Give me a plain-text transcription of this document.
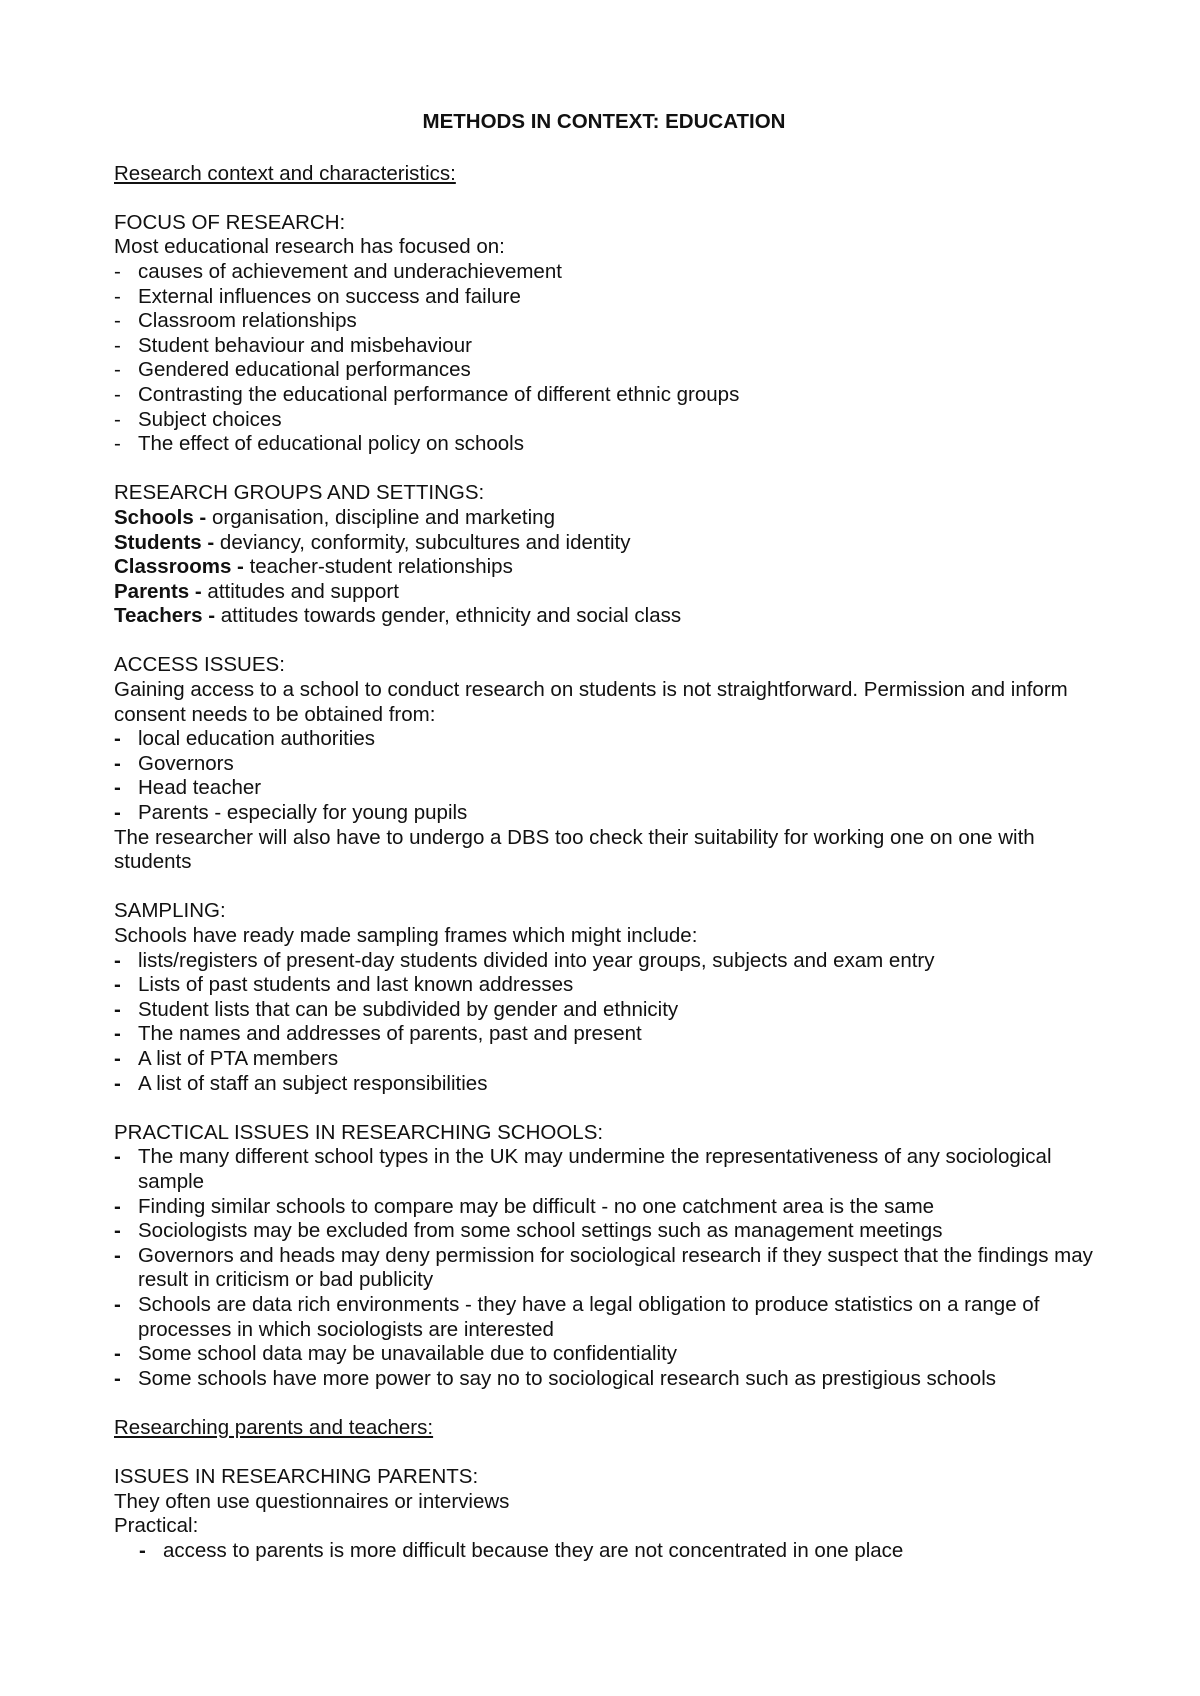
METHODS IN CONTEXT: EDUCATION

Research context and characteristics:

FOCUS OF RESEARCH:

Most educational research has focused on:

- causes of achievement and underachievement
- External influences on success and failure
- Classroom relationships
- Student behaviour and misbehaviour
- Gendered educational performances
- Contrasting the educational performance of different ethnic groups
- Subject choices
- The effect of educational policy on schools

RESEARCH GROUPS AND SETTINGS:

Schools - organisation, discipline and marketing

Students - deviancy, conformity, subcultures and identity

Classrooms - teacher-student relationships

Parents - attitudes and support

Teachers - attitudes towards gender, ethnicity and social class

ACCESS ISSUES:

Gaining access to a school to conduct research on students is not straightforward. Permission and inform consent needs to be obtained from:

- local education authorities
- Governors
- Head teacher
- Parents - especially for young pupils

The researcher will also have to undergo a DBS too check their suitability for working one on one with students

SAMPLING:

Schools have ready made sampling frames which might include:

- lists/registers of present-day students divided into year groups, subjects and exam entry
- Lists of past students and last known addresses
- Student lists that can be subdivided by gender and ethnicity
- The names and addresses of parents, past and present
- A list of PTA members
- A list of staff an subject responsibilities

PRACTICAL ISSUES IN RESEARCHING SCHOOLS:

- The many different school types in the UK may undermine the representativeness of any sociological sample
- Finding similar schools to compare may be difficult - no one catchment area is the same
- Sociologists may be excluded from some school settings such as management meetings
- Governors and heads may deny permission for sociological research if they suspect that the findings may result in criticism or bad publicity
- Schools are data rich environments - they have a legal obligation to produce statistics on a range of processes in which sociologists are interested
- Some school data may be unavailable due to confidentiality
- Some schools have more power to say no to sociological research such as prestigious schools

Researching parents and teachers:

ISSUES IN RESEARCHING PARENTS:

They often use questionnaires or interviews

Practical:

- access to parents is more difficult because they are not concentrated in one place
